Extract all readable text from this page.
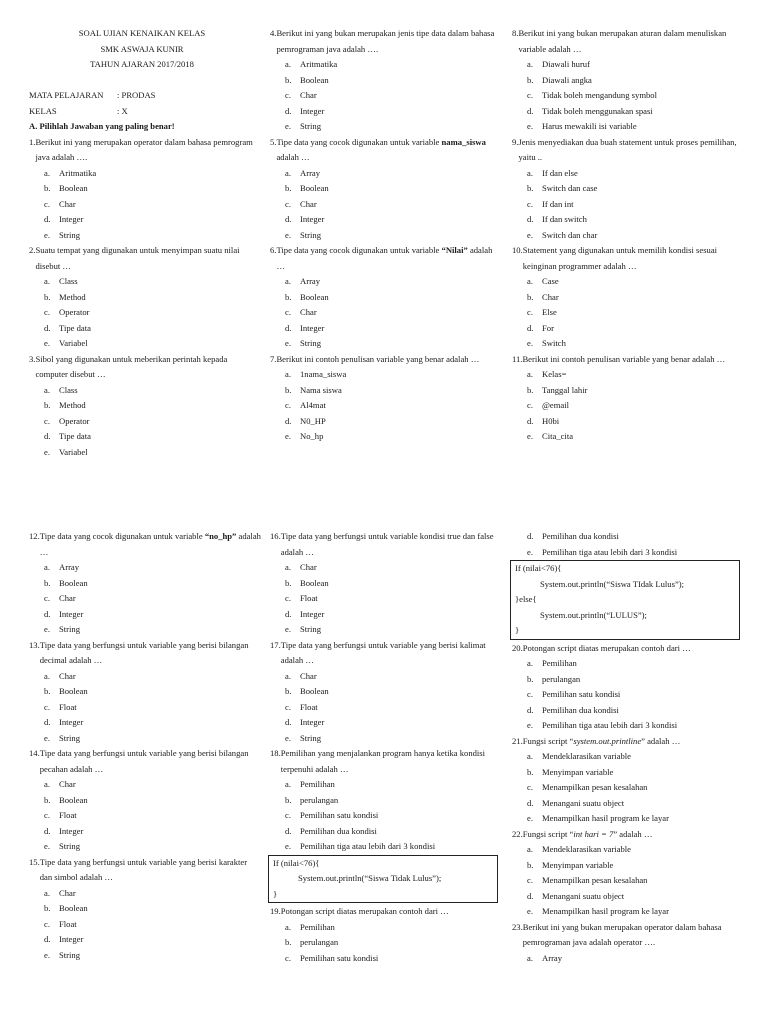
SOAL UJIAN KENAIKAN KELAS
SMK ASWAJA KUNIR
TAHUN AJARAN 2017/2018
MATA PELAJARAN	: PRODAS
KELAS	: X
A. Pilihlah Jawaban yang paling benar!
1. Berikut ini yang merupakan operator dalam bahasa pemrogram java adalah ….
a.	Aritmatika
b. Boolean
c.	Char
d. Integer
e.	String
2. Suatu tempat yang digunakan untuk menyimpan suatu nilai disebut …
a.	Class
b. Method
c.	Operator
d. Tipe data
e.	Variabel
3. Sibol yang digunakan untuk meberikan perintah kepada computer disebut …
a.	Class
b. Method
c.	Operator
d. Tipe data
e.	Variabel
4. Berikut ini yang bukan merupakan jenis tipe data dalam bahasa pemrograman java adalah ….
a.	Aritmatika
b. Boolean
c.	Char
d. Integer
e.	String
5. Tipe data yang cocok digunakan untuk variable nama_siswa adalah …
a.	Array
b. Boolean
c.	Char
d. Integer
e.	String
6. Tipe data yang cocok digunakan untuk variable “Nilai” adalah …
a.	Array
b. Boolean
c.	Char
d. Integer
e.	String
7. Berikut ini contoh penulisan variable yang benar adalah …
a.	1nama_siswa
b. Nama siswa
c.	Al4mat
d. N0_HP
e.	No_hp
8. Berikut ini yang bukan merupakan aturan dalam menuliskan variable adalah …
a.	Diawali huruf
b. Diawali angka
c.	Tidak boleh mengandung symbol
d. Tidak boleh menggunakan spasi
e.	Harus mewakili isi variable
9. Jenis menyediakan dua buah statement untuk proses pemilihan, yaitu ..
a.	If dan else
b. Switch dan case
c.	If dan int
d. If dan switch
e.	Switch dan char
10. Statement yang digunakan untuk memilih kondisi sesuai keinginan programmer adalah …
a.	Case
b. Char
c.	Else
d. For
e.	Switch
11. Berikut ini contoh penulisan variable yang benar adalah …
a.	Kelas=
b. Tanggal lahir
c.	@email
d. H0bi
e.	Cita_cita
12. Tipe data yang cocok digunakan untuk variable “no_hp” adalah …
a.	Array
b. Boolean
c.	Char
d. Integer
e.	String
13. Tipe data yang berfungsi untuk variable yang berisi bilangan decimal adalah …
a.	Char
b. Boolean
c.	Float
d. Integer
e.	String
14. Tipe data yang berfungsi untuk variable yang berisi bilangan pecahan adalah …
a.	Char
b. Boolean
c.	Float
d. Integer
e.	String
15. Tipe data yang berfungsi untuk variable yang berisi karakter dan simbol adalah …
a.	Char
b. Boolean
c.	Float
d. Integer
e.	String
16. Tipe data yang berfungsi untuk variable kondisi true dan false adalah …
a.	Char
b. Boolean
c.	Float
d. Integer
e.	String
17. Tipe data yang berfungsi untuk variable yang berisi kalimat adalah …
a.	Char
b. Boolean
c.	Float
d. Integer
e.	String
18. Pemilihan yang menjalankan program hanya ketika kondisi terpenuhi adalah …
a.	Pemilihan
b. perulangan
c.	Pemilihan satu kondisi
d. Pemilihan dua kondisi
e.	Pemilihan tiga atau lebih dari 3 kondisi
If (nilai<76){
System.out.println(“Siswa Tidak Lulus”);
}
19. Potongan script diatas merupakan contoh dari …
a.	Pemilihan
b. perulangan
c.	Pemilihan satu kondisi
d. Pemilihan dua kondisi
e.	Pemilihan tiga atau lebih dari 3 kondisi
If (nilai<76){
System.out.println(“Siswa TIdak Lulus”);
}else{
System.out.println(“LULUS”);
}
20. Potongan script diatas merupakan contoh dari …
a.	Pemilihan
b. perulangan
c.	Pemilihan satu kondisi
d. Pemilihan dua kondisi
e.	Pemilihan tiga atau lebih dari 3 kondisi
21. Fungsi script “system.out.printline” adalah …
a.	Mendeklarasikan variable
b. Menyimpan variable
c.	Menampilkan pesan kesalahan
d. Menangani suatu object
e.	Menampilkan hasil program ke layar
22. Fungsi script “int hari = 7” adalah …
a.	Mendeklarasikan variable
b. Menyimpan variable
c.	Menampilkan pesan kesalahan
d. Menangani suatu object
e.	Menampilkan hasil program ke layar
23. Berikut ini yang bukan merupakan operator dalam bahasa pemrograman java adalah operator ….
a.	Array
